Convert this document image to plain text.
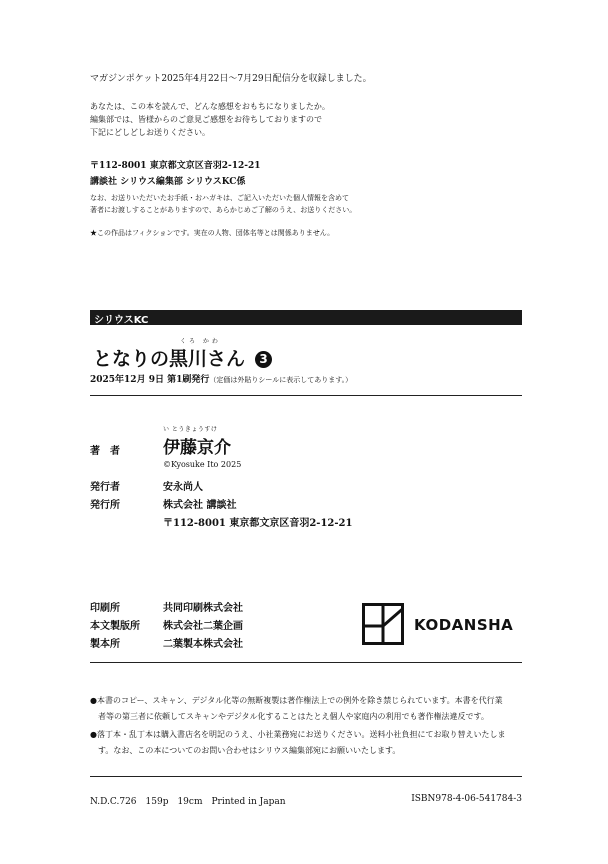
マガジンポケット2025年4月22日〜7月29日配信分を収録しました。
あなたは、この本を読んで、どんな感想をおもちになりましたか。
編集部では、皆様からのご意見ご感想をお待ちしておりますので
下記にどしどしお送りください。
〒112-8001 東京都文京区音羽2-12-21
講談社 シリウス編集部 シリウスKC係
なお、お送りいただいたお手紙・おハガキは、ご記入いただいた個人情報を含めて
著者にお渡しすることがありますので、あらかじめご了解のうえ、お送りください。
★この作品はフィクションです。実在の人物、団体名等とは関係ありません。
シリウスKC
くろ かわ
となりの黒川さん 3
2025年12月 9日 第1刷発行（定価は外貼りシールに表示してあります。）
い とうきょうすけ
著　者	伊藤京介
©Kyosuke Ito 2025
発行者	安永尚人
発行所	株式会社 講談社
〒112-8001 東京都文京区音羽2-12-21
印刷所	共同印刷株式会社
本文製版所 株式会社二葉企画
製本所	二葉製本株式会社
KODANSHA
●本書のコピー、スキャン、デジタル化等の無断複製は著作権法上での例外を除き禁じられています。本書を代行業
　者等の第三者に依頼してスキャンやデジタル化することはたとえ個人や家庭内の利用でも著作権法違反です。
●落丁本・乱丁本は購入書店名を明記のうえ、小社業務宛にお送りください。送料小社負担にてお取り替えいたしま
　す。なお、この本についてのお問い合わせはシリウス編集部宛にお願いいたします。
N.D.C.726　159p　19cm　Printed in Japan	ISBN978-4-06-541784-3
